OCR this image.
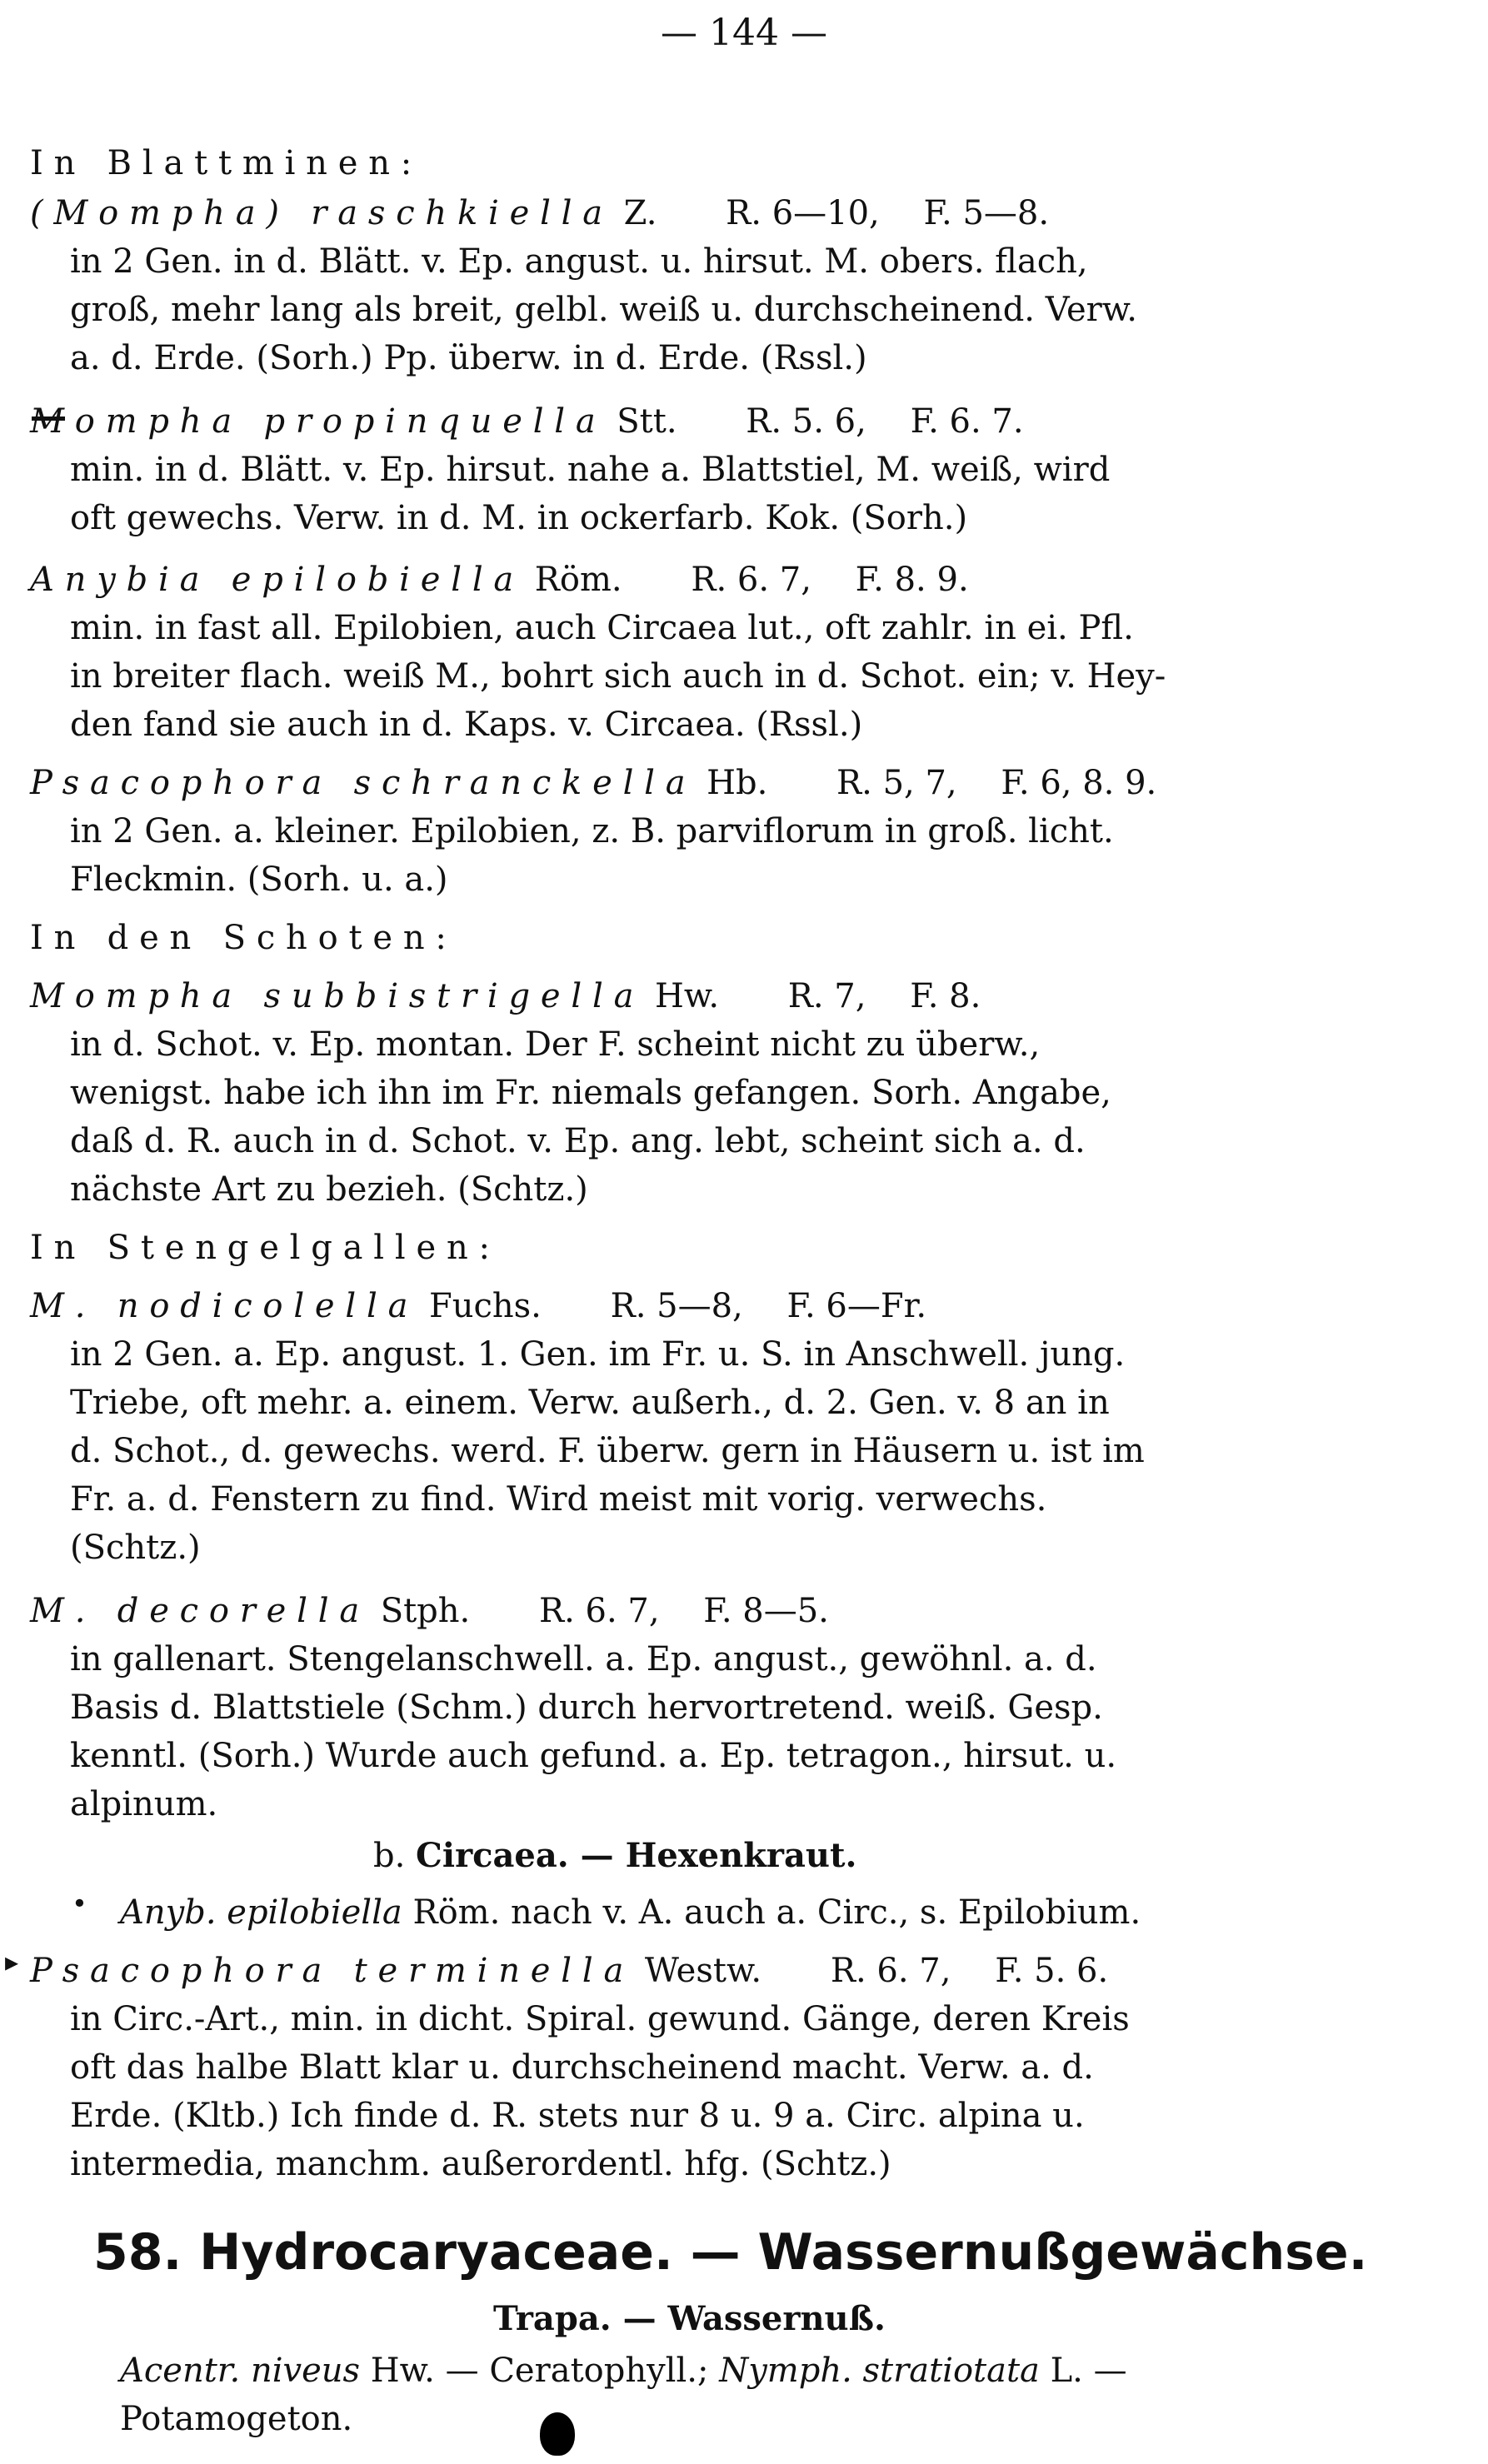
— 144 —
In Blattminen:
(Mompha) raschkiella Z. R. 6—10, F. 5—8.
in 2 Gen. in d. Blätt. v. Ep. angust. u. hirsut. M. obers. flach,
groß, mehr lang als breit, gelbl. weiß u. durchscheinend. Verw.
a. d. Erde. (Sorh.) Pp. überw. in d. Erde. (Rssl.)
Mompha propinquella Stt. R. 5. 6, F. 6. 7.
min. in d. Blätt. v. Ep. hirsut. nahe a. Blattstiel, M. weiß, wird
oft gewechs. Verw. in d. M. in ockerfarb. Kok. (Sorh.)
Anybia epilobiella Röm. R. 6. 7, F. 8. 9.
min. in fast all. Epilobien, auch Circaea lut., oft zahlr. in ei. Pfl.
in breiter flach. weiß M., bohrt sich auch in d. Schot. ein; v. Hey-
den fand sie auch in d. Kaps. v. Circaea. (Rssl.)
Psacophora schranckella Hb. R. 5, 7, F. 6, 8. 9.
in 2 Gen. a. kleiner. Epilobien, z. B. parviflorum in groß. licht.
Fleckmin. (Sorh. u. a.)
In den Schoten:
Mompha subbistrigella Hw. R. 7, F. 8.
in d. Schot. v. Ep. montan. Der F. scheint nicht zu überw.,
wenigst. habe ich ihn im Fr. niemals gefangen. Sorh. Angabe,
daß d. R. auch in d. Schot. v. Ep. ang. lebt, scheint sich a. d.
nächste Art zu bezieh. (Schtz.)
In Stengelgallen:
M. nodicolella Fuchs. R. 5—8, F. 6—Fr.
in 2 Gen. a. Ep. angust. 1. Gen. im Fr. u. S. in Anschwell. jung.
Triebe, oft mehr. a. einem. Verw. außerh., d. 2. Gen. v. 8 an in
d. Schot., d. gewechs. werd. F. überw. gern in Häusern u. ist im
Fr. a. d. Fenstern zu find. Wird meist mit vorig. verwechs.
(Schtz.)
M. decorella Stph. R. 6. 7, F. 8—5.
in gallenart. Stengelanschwell. a. Ep. angust., gewöhnl. a. d.
Basis d. Blattstiele (Schm.) durch hervortretend. weiß. Gesp.
kenntl. (Sorh.) Wurde auch gefund. a. Ep. tetragon., hirsut. u.
alpinum.
b. Circaea. — Hexenkraut.
• Anyb. epilobiella Röm. nach v. A. auch a. Circ., s. Epilobium.
▸ Psacophora terminella Westw. R. 6. 7, F. 5. 6.
in Circ.-Art., min. in dicht. Spiral. gewund. Gänge, deren Kreis
oft das halbe Blatt klar u. durchscheinend macht. Verw. a. d.
Erde. (Kltb.) Ich finde d. R. stets nur 8 u. 9 a. Circ. alpina u.
intermedia, manchm. außerordentl. hfg. (Schtz.)
58. Hydrocaryaceae. — Wassernußgewächse.
Trapa. — Wassernuß.
Acentr. niveus Hw. — Ceratophyll.; Nymph. stratiotata L. —
Potamogeton.
